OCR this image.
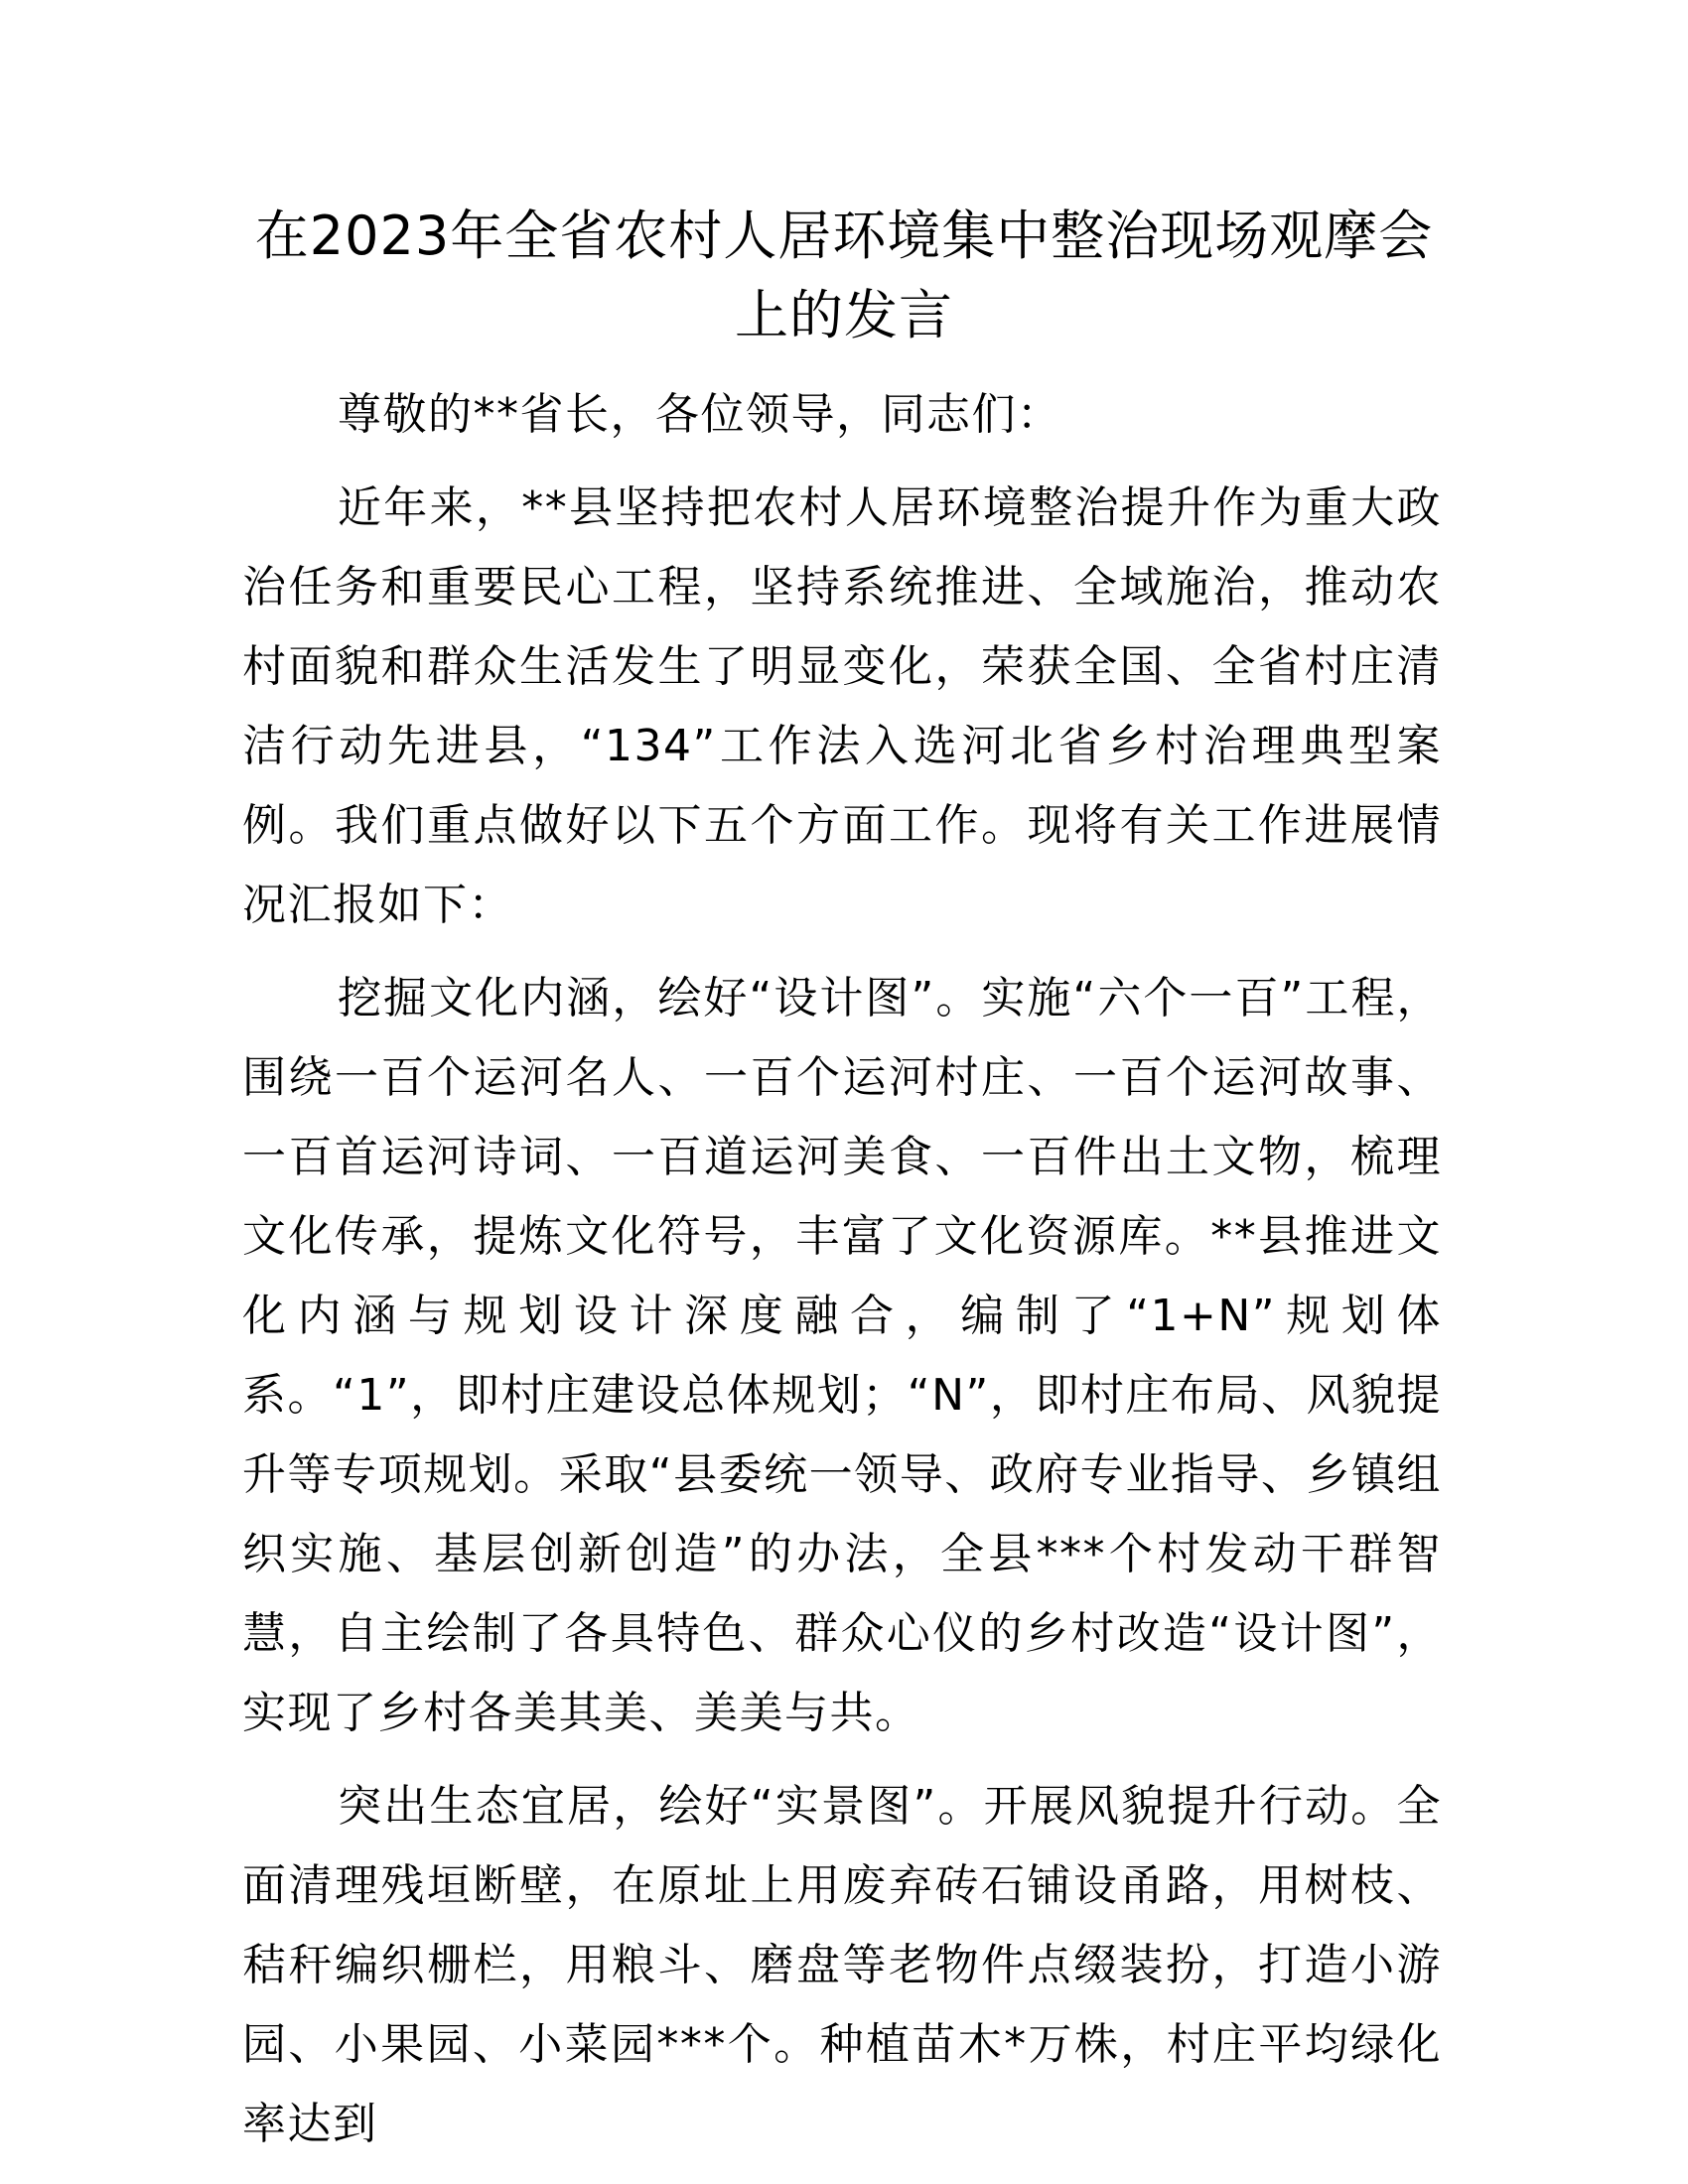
在2023年全省农村人居环境集中整治现场观摩会上的发言

尊敬的**省长，各位领导，同志们：

近年来，**县坚持把农村人居环境整治提升作为重大政治任务和重要民心工程，坚持系统推进、全域施治，推动农村面貌和群众生活发生了明显变化，荣获全国、全省村庄清洁行动先进县，“134”工作法入选河北省乡村治理典型案例。我们重点做好以下五个方面工作。现将有关工作进展情况汇报如下：

挖掘文化内涵，绘好“设计图”。实施“六个一百”工程，围绕一百个运河名人、一百个运河村庄、一百个运河故事、一百首运河诗词、一百道运河美食、一百件出土文物，梳理文化传承，提炼文化符号，丰富了文化资源库。**县推进文化内涵与规划设计深度融合，编制了“1+N”规划体系。“1”，即村庄建设总体规划；“N”，即村庄布局、风貌提升等专项规划。采取“县委统一领导、政府专业指导、乡镇组织实施、基层创新创造”的办法，全县***个村发动干群智慧，自主绘制了各具特色、群众心仪的乡村改造“设计图”，实现了乡村各美其美、美美与共。

突出生态宜居，绘好“实景图”。开展风貌提升行动。全面清理残垣断壁，在原址上用废弃砖石铺设甬路，用树枝、秸秆编织栅栏，用粮斗、磨盘等老物件点缀装扮，打造小游园、小果园、小菜园***个。种植苗木*万株，村庄平均绿化率达到
